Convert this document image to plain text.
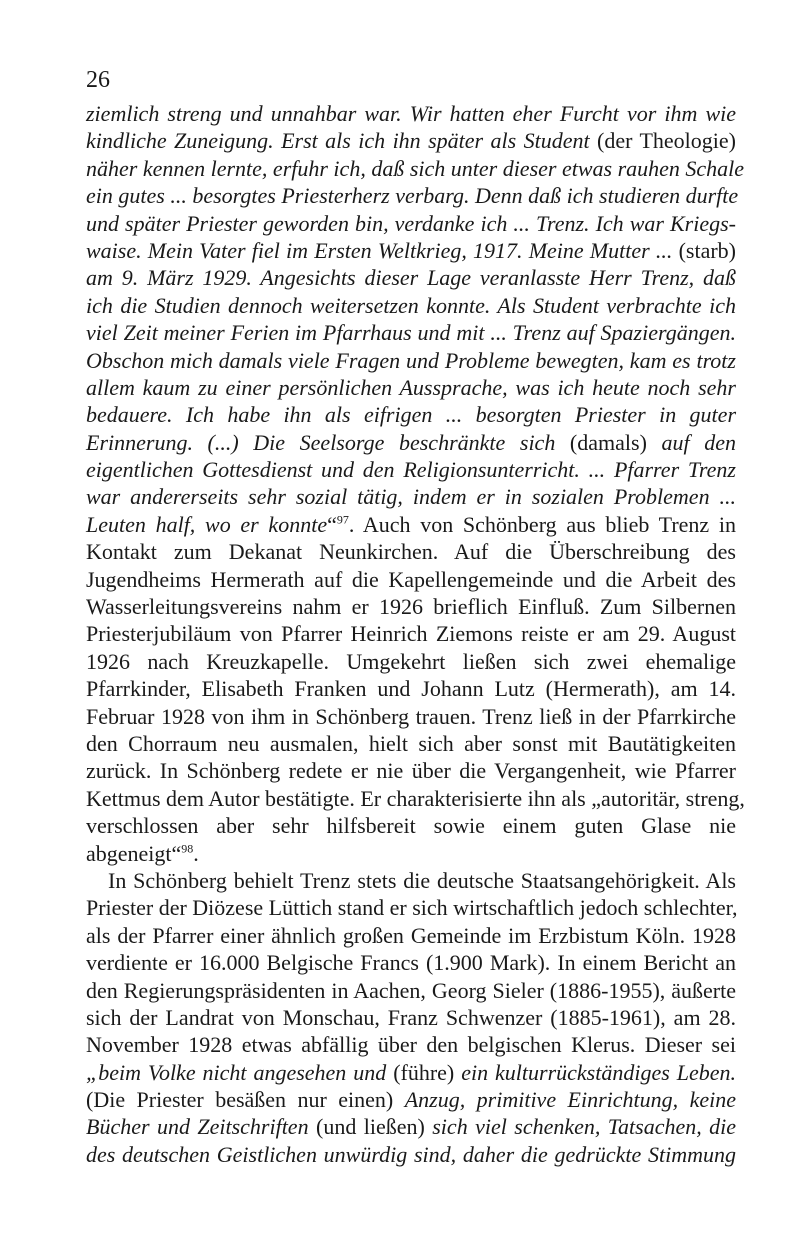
26
ziemlich streng und unnahbar war. Wir hatten eher Furcht vor ihm wie
kindliche Zuneigung. Erst als ich ihn später als Student (der Theologie)
näher kennen lernte, erfuhr ich, daß sich unter dieser etwas rauhen Schale
ein gutes ... besorgtes Priesterherz verbarg. Denn daß ich studieren durfte
und später Priester geworden bin, verdanke ich ... Trenz. Ich war Kriegs-
waise. Mein Vater fiel im Ersten Weltkrieg, 1917. Meine Mutter ... (starb)
am 9. März 1929. Angesichts dieser Lage veranlasste Herr Trenz, daß
ich die Studien dennoch weitersetzen konnte. Als Student verbrachte ich
viel Zeit meiner Ferien im Pfarrhaus und mit ... Trenz auf Spaziergängen.
Obschon mich damals viele Fragen und Probleme bewegten, kam es trotz
allem kaum zu einer persönlichen Aussprache, was ich heute noch sehr
bedauere. Ich habe ihn als eifrigen ... besorgten Priester in guter
Erinnerung. (...) Die Seelsorge beschränkte sich (damals) auf den
eigentlichen Gottesdienst und den Religionsunterricht. ... Pfarrer Trenz
war andererseits sehr sozial tätig, indem er in sozialen Problemen ...
Leuten half, wo er konnte“$^{97}$. Auch von Schönberg aus blieb Trenz in
Kontakt zum Dekanat Neunkirchen. Auf die Überschreibung des
Jugendheims Hermerath auf die Kapellengemeinde und die Arbeit des
Wasserleitungsvereins nahm er 1926 brieflich Einfluß. Zum Silbernen
Priesterjubiläum von Pfarrer Heinrich Ziemons reiste er am 29. August
1926 nach Kreuzkapelle. Umgekehrt ließen sich zwei ehemalige
Pfarrkinder, Elisabeth Franken und Johann Lutz (Hermerath), am 14.
Februar 1928 von ihm in Schönberg trauen. Trenz ließ in der Pfarrkirche
den Chorraum neu ausmalen, hielt sich aber sonst mit Bautätigkeiten
zurück. In Schönberg redete er nie über die Vergangenheit, wie Pfarrer
Kettmus dem Autor bestätigte. Er charakterisierte ihn als „autoritär, streng,
verschlossen aber sehr hilfsbereit sowie einem guten Glase nie
abgeneigt“$^{98}$.
In Schönberg behielt Trenz stets die deutsche Staatsangehörigkeit. Als
Priester der Diözese Lüttich stand er sich wirtschaftlich jedoch schlechter,
als der Pfarrer einer ähnlich großen Gemeinde im Erzbistum Köln. 1928
verdiente er 16.000 Belgische Francs (1.900 Mark). In einem Bericht an
den Regierungspräsidenten in Aachen, Georg Sieler (1886-1955), äußerte
sich der Landrat von Monschau, Franz Schwenzer (1885-1961), am 28.
November 1928 etwas abfällig über den belgischen Klerus. Dieser sei
„beim Volke nicht angesehen und (führe) ein kulturrückständiges Leben.
(Die Priester besäßen nur einen) Anzug, primitive Einrichtung, keine
Bücher und Zeitschriften (und ließen) sich viel schenken, Tatsachen, die
des deutschen Geistlichen unwürdig sind, daher die gedrückte Stimmung
